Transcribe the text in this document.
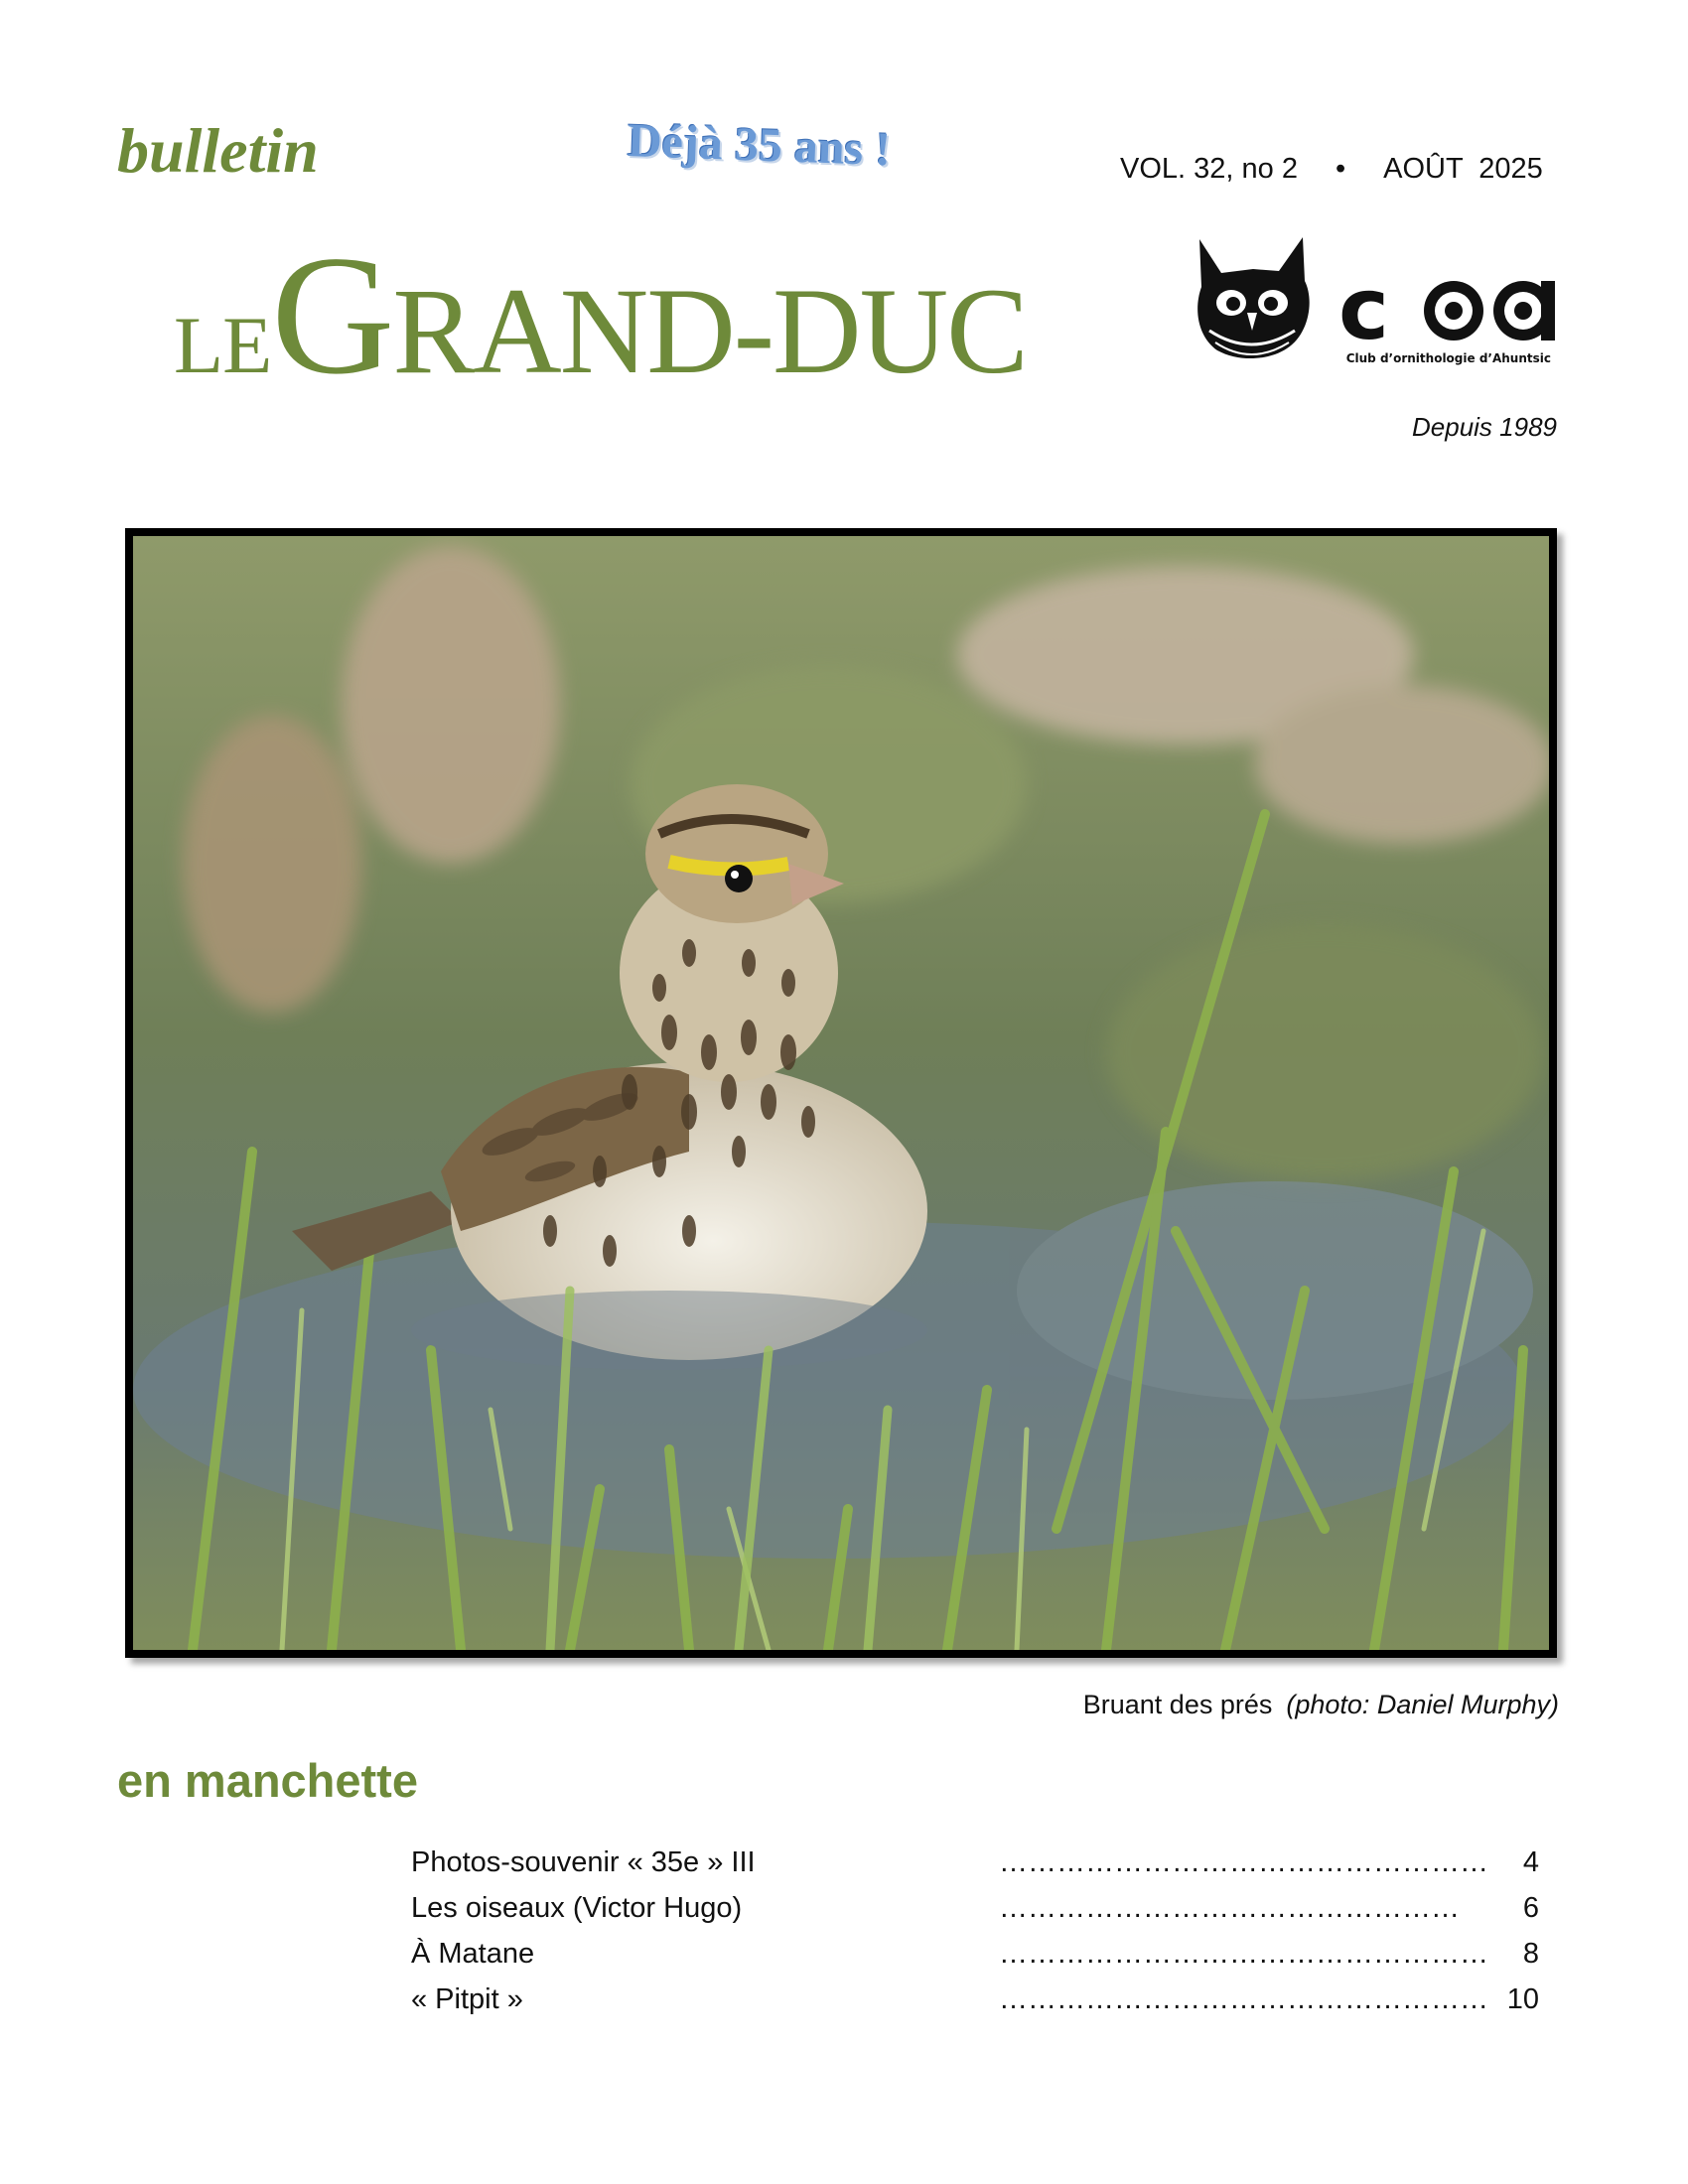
bulletin	Déjà 35 ans !	VOL. 32, no 2 • AOÛT  2025
LEGRAND-DUC	c
Club d’ornithologie d’Ahuntsic
Depuis 1989
Bruant des prés (photo: Daniel Murphy)
en manchette
Photos-souvenir « 35e » III	……………………………………………	4
Les oiseaux (Victor Hugo)	…………………………………………	6
À Matane	……………………………………………	8
« Pitpit »	…………………………………………… 10
